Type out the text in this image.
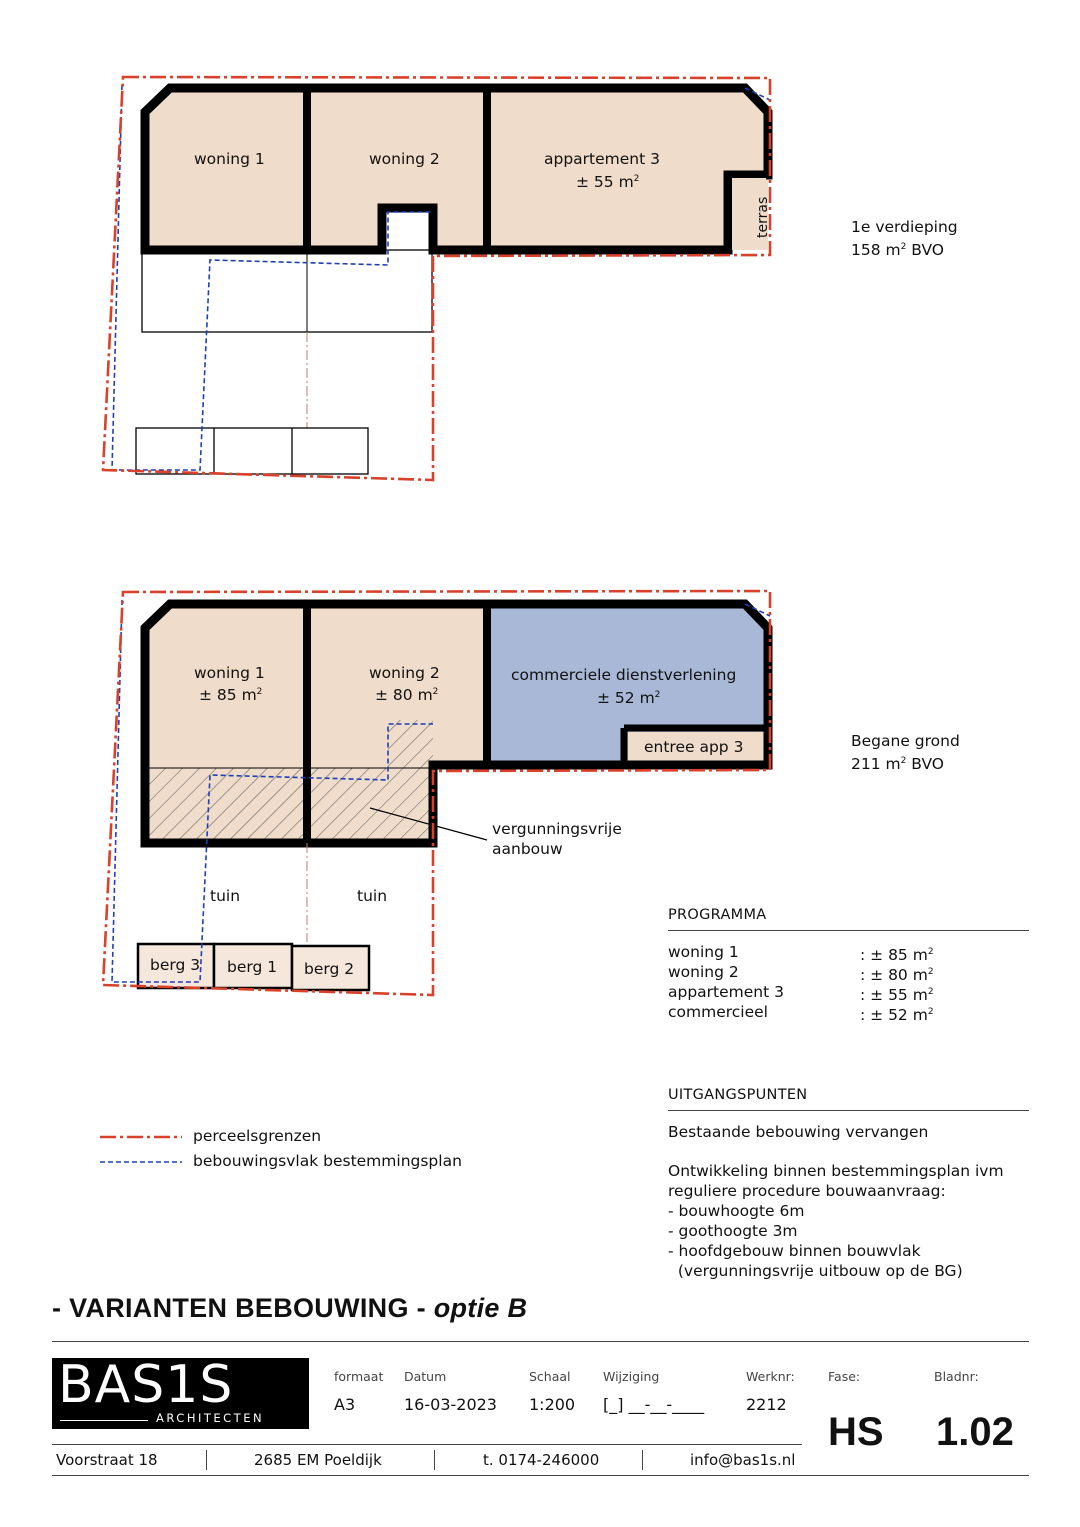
woning 1	woning 2	appartement 3
± 55 $m^2$
terras	1e verdieping
158 $m^2$ BVO
woning 1
± 85 $m^2$
woning 2
± 80 $m^2$
commerciele dienstverlening
± 52 $m^2$
entree app 3	Begane grond
211 $m^2$ BVO
vergunningsvrije
aanbouw
tuin	tuin
berg 3 berg 1 berg 2
perceelsgrenzen
bebouwingsvlak bestemmingsplan
PROGRAMMA
woning 1	: ± 85 $m^2$
woning 2	: ± 80 $m^2$
appartement 3	: ± 55 $m^2$
commercieel	: ± 52 $m^2$
UITGANGSPUNTEN
Bestaande bebouwing vervangen
Ontwikkeling binnen bestemmingsplan ivm
reguliere procedure bouwaanvraag:
- bouwhoogte 6m
- goothoogte 3m
- hoofdgebouw binnen bouwvlak
(vergunningsvrije uitbouw op de BG)
- VARIANTEN BEBOUWING - optie B
BAS1S
ARCHITECTEN
formaat
A3
Datum
16-03-2023
Schaal
1:200
Wijziging
[_] __-__-____
Werknr:
2212
Fase:
HS
Bladnr:
1.02
Voorstraat 18	2685 EM Poeldijk	t. 0174-246000	info@bas1s.nl
